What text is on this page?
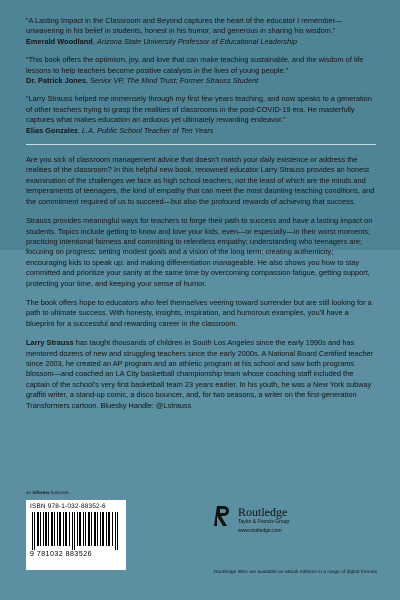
“A Lasting Impact in the Classroom and Beyond captures the heart of the educator I remember—unwavering in his belief in students, honest in his humor, and generous in sharing his wisdom.”
Emerald Woodland, Arizona State University Professor of Educational Leadership
“This book offers the optimism, joy, and love that can make teaching sustainable, and the wisdom of life lessons to help teachers become positive catalysts in the lives of young people.”
Dr. Patrick Jones, Senior VP, The Mind Trust; Former Strauss Student
“Larry Strauss helped me immensely through my first few years teaching, and now speaks to a generation of other teachers trying to grasp the realities of classrooms in the post-COVID-19 era. He masterfully captures what makes education an arduous yet ultimately rewarding endeavor.”
Elias Gonzalez, L.A. Public School Teacher of Ten Years

Are you sick of classroom management advice that doesn’t match your daily existence or address the realities of the classroom? In this helpful new book, renowned educator Larry Strauss provides an honest examination of the challenges we face as high school teachers, not the least of which are the minds and temperaments of teenagers, the kind of empathy that can meet the most daunting teaching conditions, and the commitment required of us to succeed—but also the profound rewards of achieving that success.

Strauss provides meaningful ways for teachers to forge their path to success and have a lasting impact on students. Topics include getting to know and love your kids, even—or especially—in their worst moments; practicing intentional fairness and committing to relentless empathy; understanding who teenagers are; focusing on progress; setting modest goals and a vision of the long term; creating authenticity; encouraging kids to speak up; and making differentiation manageable. He also shows you how to stay committed and prioritize your sanity at the same time by overcoming compassion fatigue, getting support, protecting your time, and keeping your sense of humor.

The book offers hope to educators who feel themselves veering toward surrender but are still looking for a path to ultimate success. With honesty, insights, inspiration, and humorous examples, you’ll have a blueprint for a successful and rewarding career in the classroom.

Larry Strauss has taught thousands of children in South Los Angeles since the early 1990s and has mentored dozens of new and struggling teachers since the early 2000s. A National Board Certified teacher since 2003, he created an AP program and an athletic program at his school and saw both programs blossom—and coached an LA City basketball championship team whose coaching staff included the captain of the school’s very first basketball team 23 years earlier. In his youth, he was a New York subway graffiti writer, a stand-up comic, a disco bouncer, and, for two seasons, a writer on the first-generation Transformers cartoon. Bluesky Handle: @Lstrauss

an informa business
ISBN 978-1-032-88352-6
9 781032 883526
Routledge
Taylor & Francis Group
www.routledge.com
Routledge titles are available as eBook editions in a range of digital formats
